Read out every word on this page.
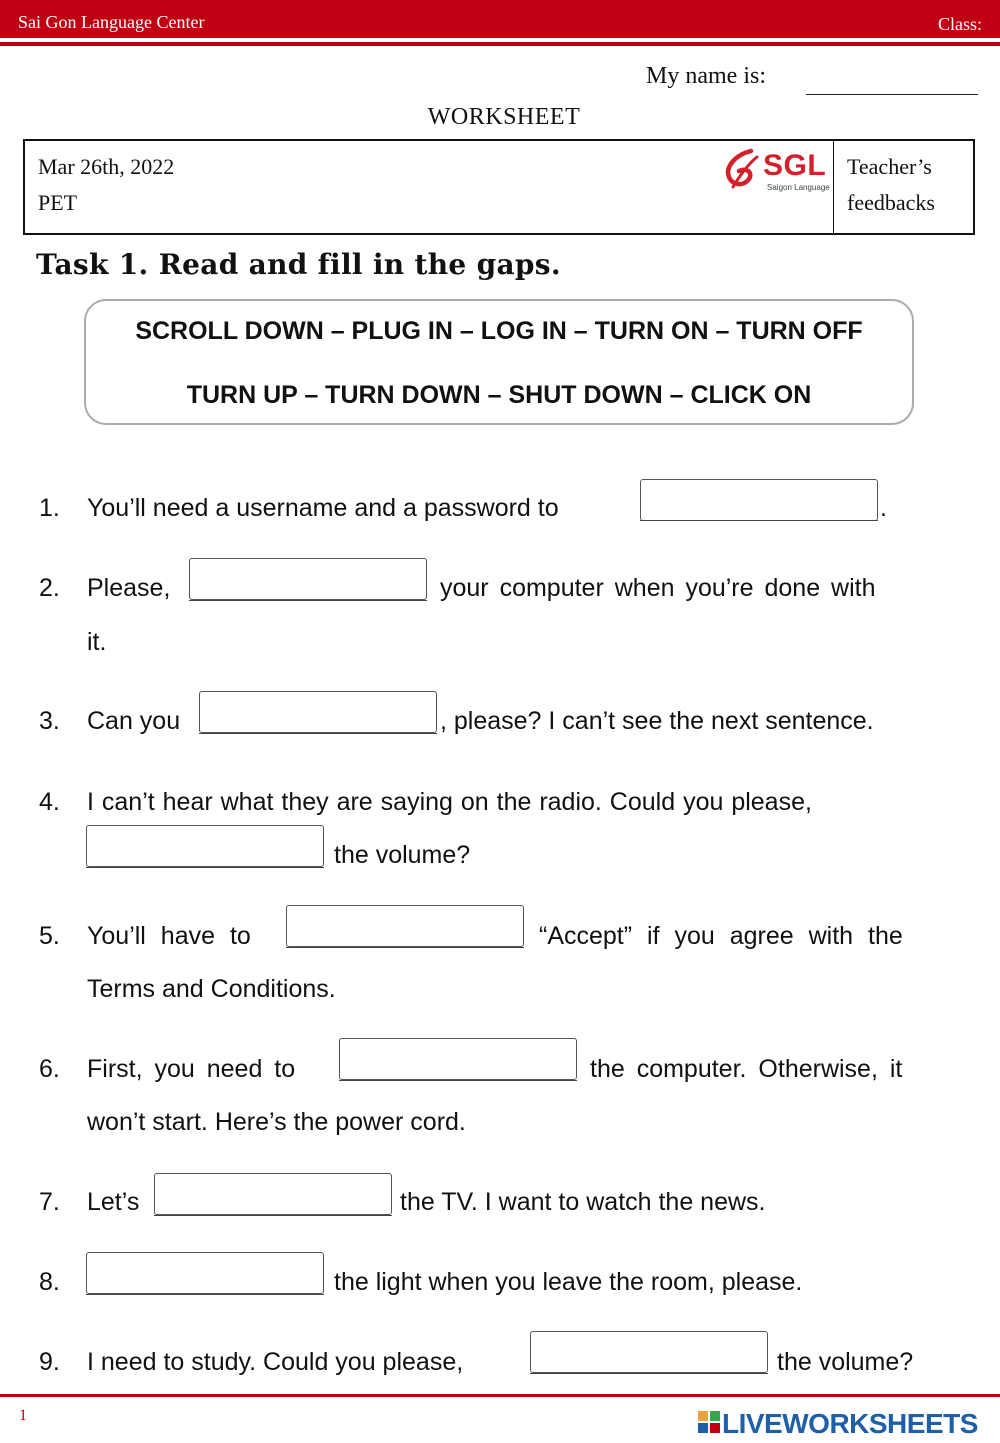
Sai Gon Language Center	Class:
My name is:
WORKSHEET
Mar 26th, 2022
PET
SGL
Saigon Language
Teacher’s
feedbacks
Task 1. Read and fill in the gaps.
SCROLL DOWN – PLUG IN – LOG IN – TURN ON – TURN OFF
TURN UP – TURN DOWN – SHUT DOWN – CLICK ON
1. You’ll need a username and a password to	.
2. Please,	your computer when you’re done with
it.
3. Can you	, please? I can’t see the next sentence.
4. I can’t hear what they are saying on the radio. Could you please,
the volume?
5. You’ll have to	“Accept” if you agree with the
Terms and Conditions.
6. First, you need to	the computer. Otherwise, it
won’t start. Here’s the power cord.
7. Let’s	the TV. I want to watch the news.
8.	the light when you leave the room, please.
9. I need to study. Could you please,	the volume?
1	LIVEWORKSHEETS
